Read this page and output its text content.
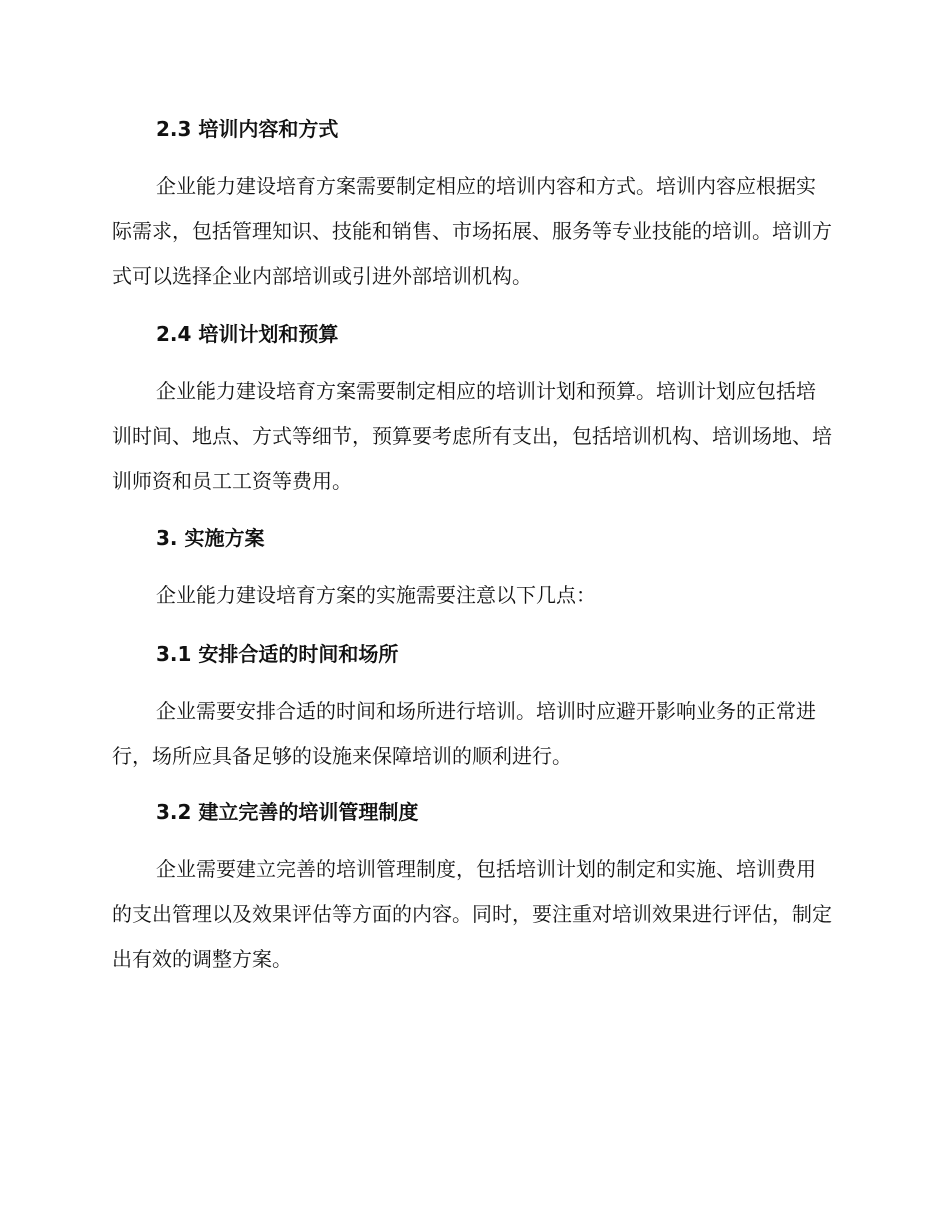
2.3 培训内容和方式

企业能力建设培育方案需要制定相应的培训内容和方式。培训内容应根据实际需求，包括管理知识、技能和销售、市场拓展、服务等专业技能的培训。培训方式可以选择企业内部培训或引进外部培训机构。

2.4 培训计划和预算

企业能力建设培育方案需要制定相应的培训计划和预算。培训计划应包括培训时间、地点、方式等细节，预算要考虑所有支出，包括培训机构、培训场地、培训师资和员工工资等费用。

3. 实施方案

企业能力建设培育方案的实施需要注意以下几点：

3.1 安排合适的时间和场所

企业需要安排合适的时间和场所进行培训。培训时应避开影响业务的正常进行，场所应具备足够的设施来保障培训的顺利进行。

3.2 建立完善的培训管理制度

企业需要建立完善的培训管理制度，包括培训计划的制定和实施、培训费用的支出管理以及效果评估等方面的内容。同时，要注重对培训效果进行评估，制定出有效的调整方案。
